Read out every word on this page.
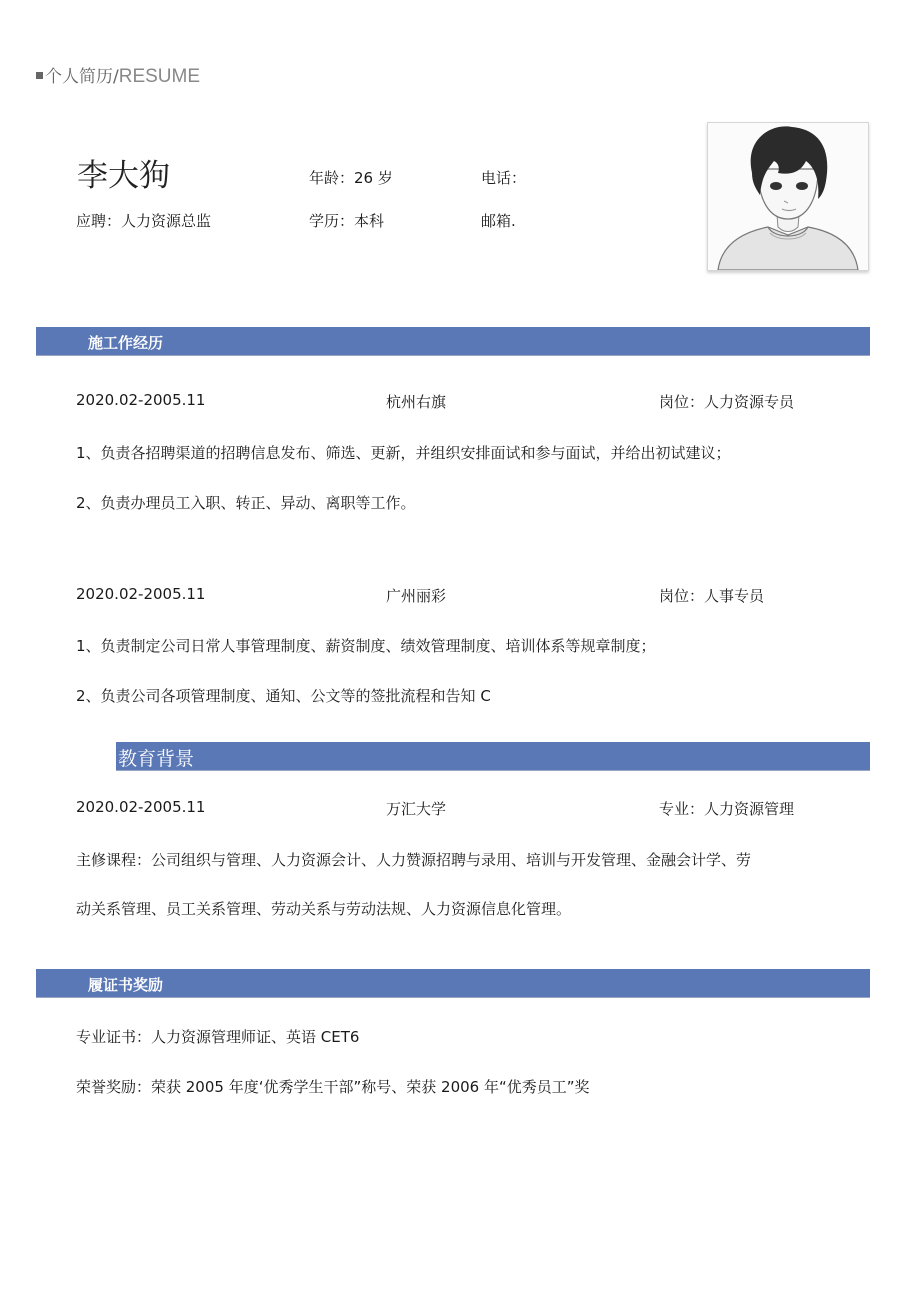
个人简历/RESUME
李大狗	年龄：26 岁	电话：
应聘：人力资源总监	学历：本科	邮箱.
施工作经历
2020.02-2005.11	杭州右旗	岗位：人力资源专员
1、负责各招聘渠道的招聘信息发布、筛选、更新，并组织安排面试和参与面试，并给出初试建议；
2、负责办理员工入职、转正、异动、离职等工作。
2020.02-2005.11	广州丽彩	岗位：人事专员
1、负责制定公司日常人事管理制度、薪资制度、绩效管理制度、培训体系等规章制度；
2、负责公司各项管理制度、通知、公文等的签批流程和告知 C
教育背景
2020.02-2005.11	万汇大学	专业：人力资源管理
主修课程：公司组织与管理、人力资源会计、人力赞源招聘与录用、培训与开发管理、金融会计学、劳
动关系管理、员工关系管理、劳动关系与劳动法规、人力资源信息化管理。
履证书奖励
专业证书：人力资源管理师证、英语 CET6
荣誉奖励：荣获 2005 年度‘优秀学生干部”称号、荣获 2006 年“优秀员工”奖
